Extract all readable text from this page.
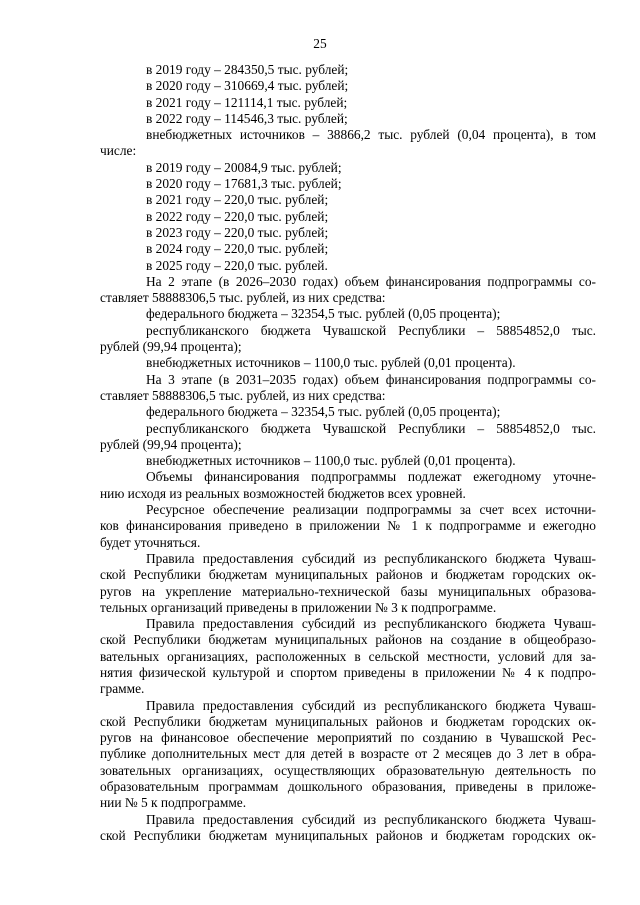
25
в 2019 году – 284350,5 тыс. рублей;
в 2020 году – 310669,4 тыс. рублей;
в 2021 году – 121114,1 тыс. рублей;
в 2022 году – 114546,3 тыс. рублей;
внебюджетных источников – 38866,2 тыс. рублей (0,04 процента), в том
числе:
в 2019 году – 20084,9 тыс. рублей;
в 2020 году – 17681,3 тыс. рублей;
в 2021 году – 220,0 тыс. рублей;
в 2022 году – 220,0 тыс. рублей;
в 2023 году – 220,0 тыс. рублей;
в 2024 году – 220,0 тыс. рублей;
в 2025 году – 220,0 тыс. рублей.
На 2 этапе (в 2026–2030 годах) объем финансирования подпрограммы со-
ставляет 58888306,5 тыс. рублей, из них средства:
федерального бюджета – 32354,5 тыс. рублей (0,05 процента);
республиканского бюджета Чувашской Республики – 58854852,0 тыс.
рублей (99,94 процента);
внебюджетных источников – 1100,0 тыс. рублей (0,01 процента).
На 3 этапе (в 2031–2035 годах) объем финансирования подпрограммы со-
ставляет 58888306,5 тыс. рублей, из них средства:
федерального бюджета – 32354,5 тыс. рублей (0,05 процента);
республиканского бюджета Чувашской Республики – 58854852,0 тыс.
рублей (99,94 процента);
внебюджетных источников – 1100,0 тыс. рублей (0,01 процента).
Объемы финансирования подпрограммы подлежат ежегодному уточне-
нию исходя из реальных возможностей бюджетов всех уровней.
Ресурсное обеспечение реализации подпрограммы за счет всех источни-
ков финансирования приведено в приложении № 1 к подпрограмме и ежегодно
будет уточняться.
Правила предоставления субсидий из республиканского бюджета Чуваш-
ской Республики бюджетам муниципальных районов и бюджетам городских ок-
ругов на укрепление материально-технической базы муниципальных образова-
тельных организаций приведены в приложении № 3 к подпрограмме.
Правила предоставления субсидий из республиканского бюджета Чуваш-
ской Республики бюджетам муниципальных районов на создание в общеобразо-
вательных организациях, расположенных в сельской местности, условий для за-
нятия физической культурой и спортом приведены в приложении № 4 к подпро-
грамме.
Правила предоставления субсидий из республиканского бюджета Чуваш-
ской Республики бюджетам муниципальных районов и бюджетам городских ок-
ругов на финансовое обеспечение мероприятий по созданию в Чувашской Рес-
публике дополнительных мест для детей в возрасте от 2 месяцев до 3 лет в обра-
зовательных организациях, осуществляющих образовательную деятельность по
образовательным программам дошкольного образования, приведены в приложе-
нии № 5 к подпрограмме.
Правила предоставления субсидий из республиканского бюджета Чуваш-
ской Республики бюджетам муниципальных районов и бюджетам городских ок-
